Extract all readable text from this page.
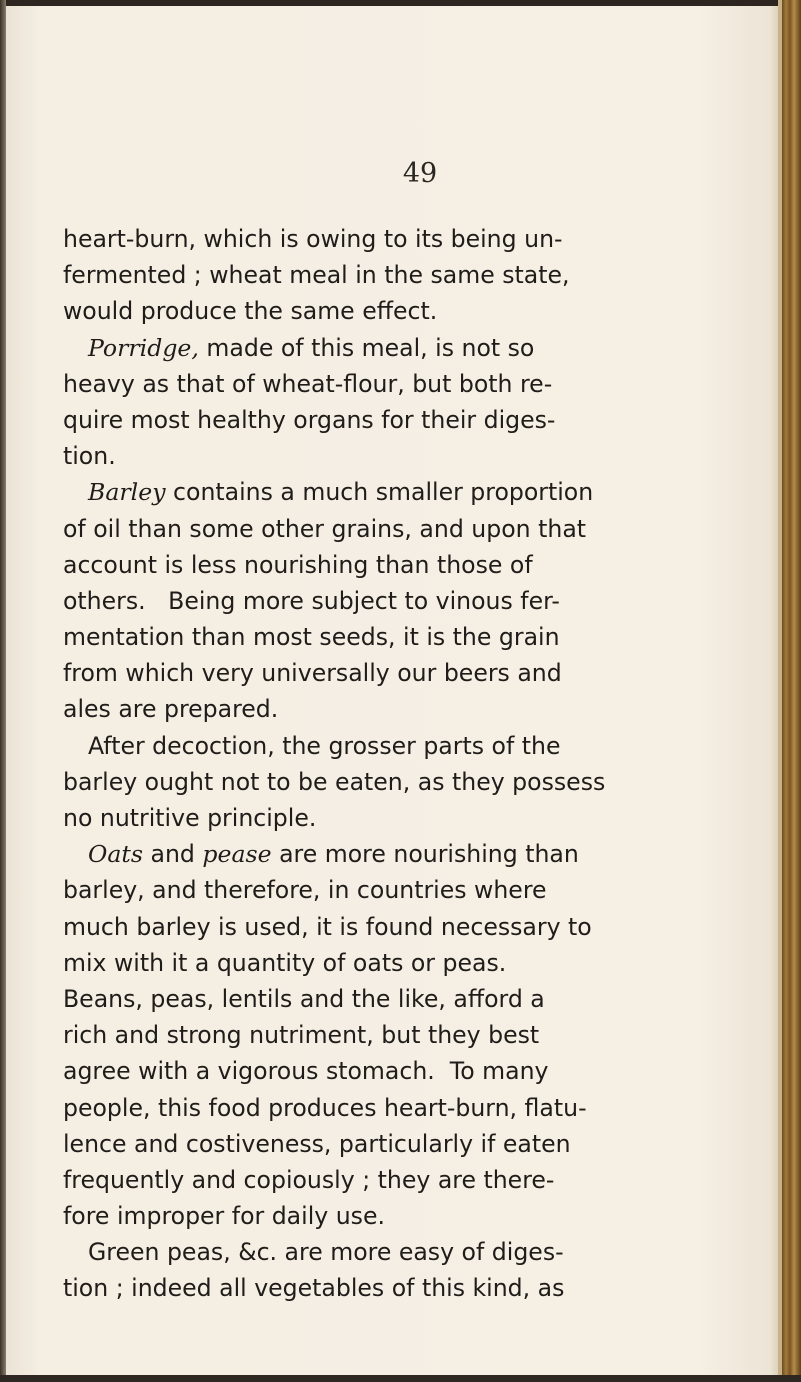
49
heart-burn, which is owing to its being un-
fermented ; wheat meal in the same state,
would produce the same effect.
Porridge, made of this meal, is not so
heavy as that of wheat-flour, but both re-
quire most healthy organs for their diges-
tion.
Barley contains a much smaller proportion
of oil than some other grains, and upon that
account is less nourishing than those of
others.   Being more subject to vinous fer-
mentation than most seeds, it is the grain
from which very universally our beers and
ales are prepared.
After decoction, the grosser parts of the
barley ought not to be eaten, as they possess
no nutritive principle.
Oats and pease are more nourishing than
barley, and therefore, in countries where
much barley is used, it is found necessary to
mix with it a quantity of oats or peas.
Beans, peas, lentils and the like, afford a
rich and strong nutriment, but they best
agree with a vigorous stomach.  To many
people, this food produces heart-burn, flatu-
lence and costiveness, particularly if eaten
frequently and copiously ; they are there-
fore improper for daily use.
Green peas, &c. are more easy of diges-
tion ; indeed all vegetables of this kind, as
